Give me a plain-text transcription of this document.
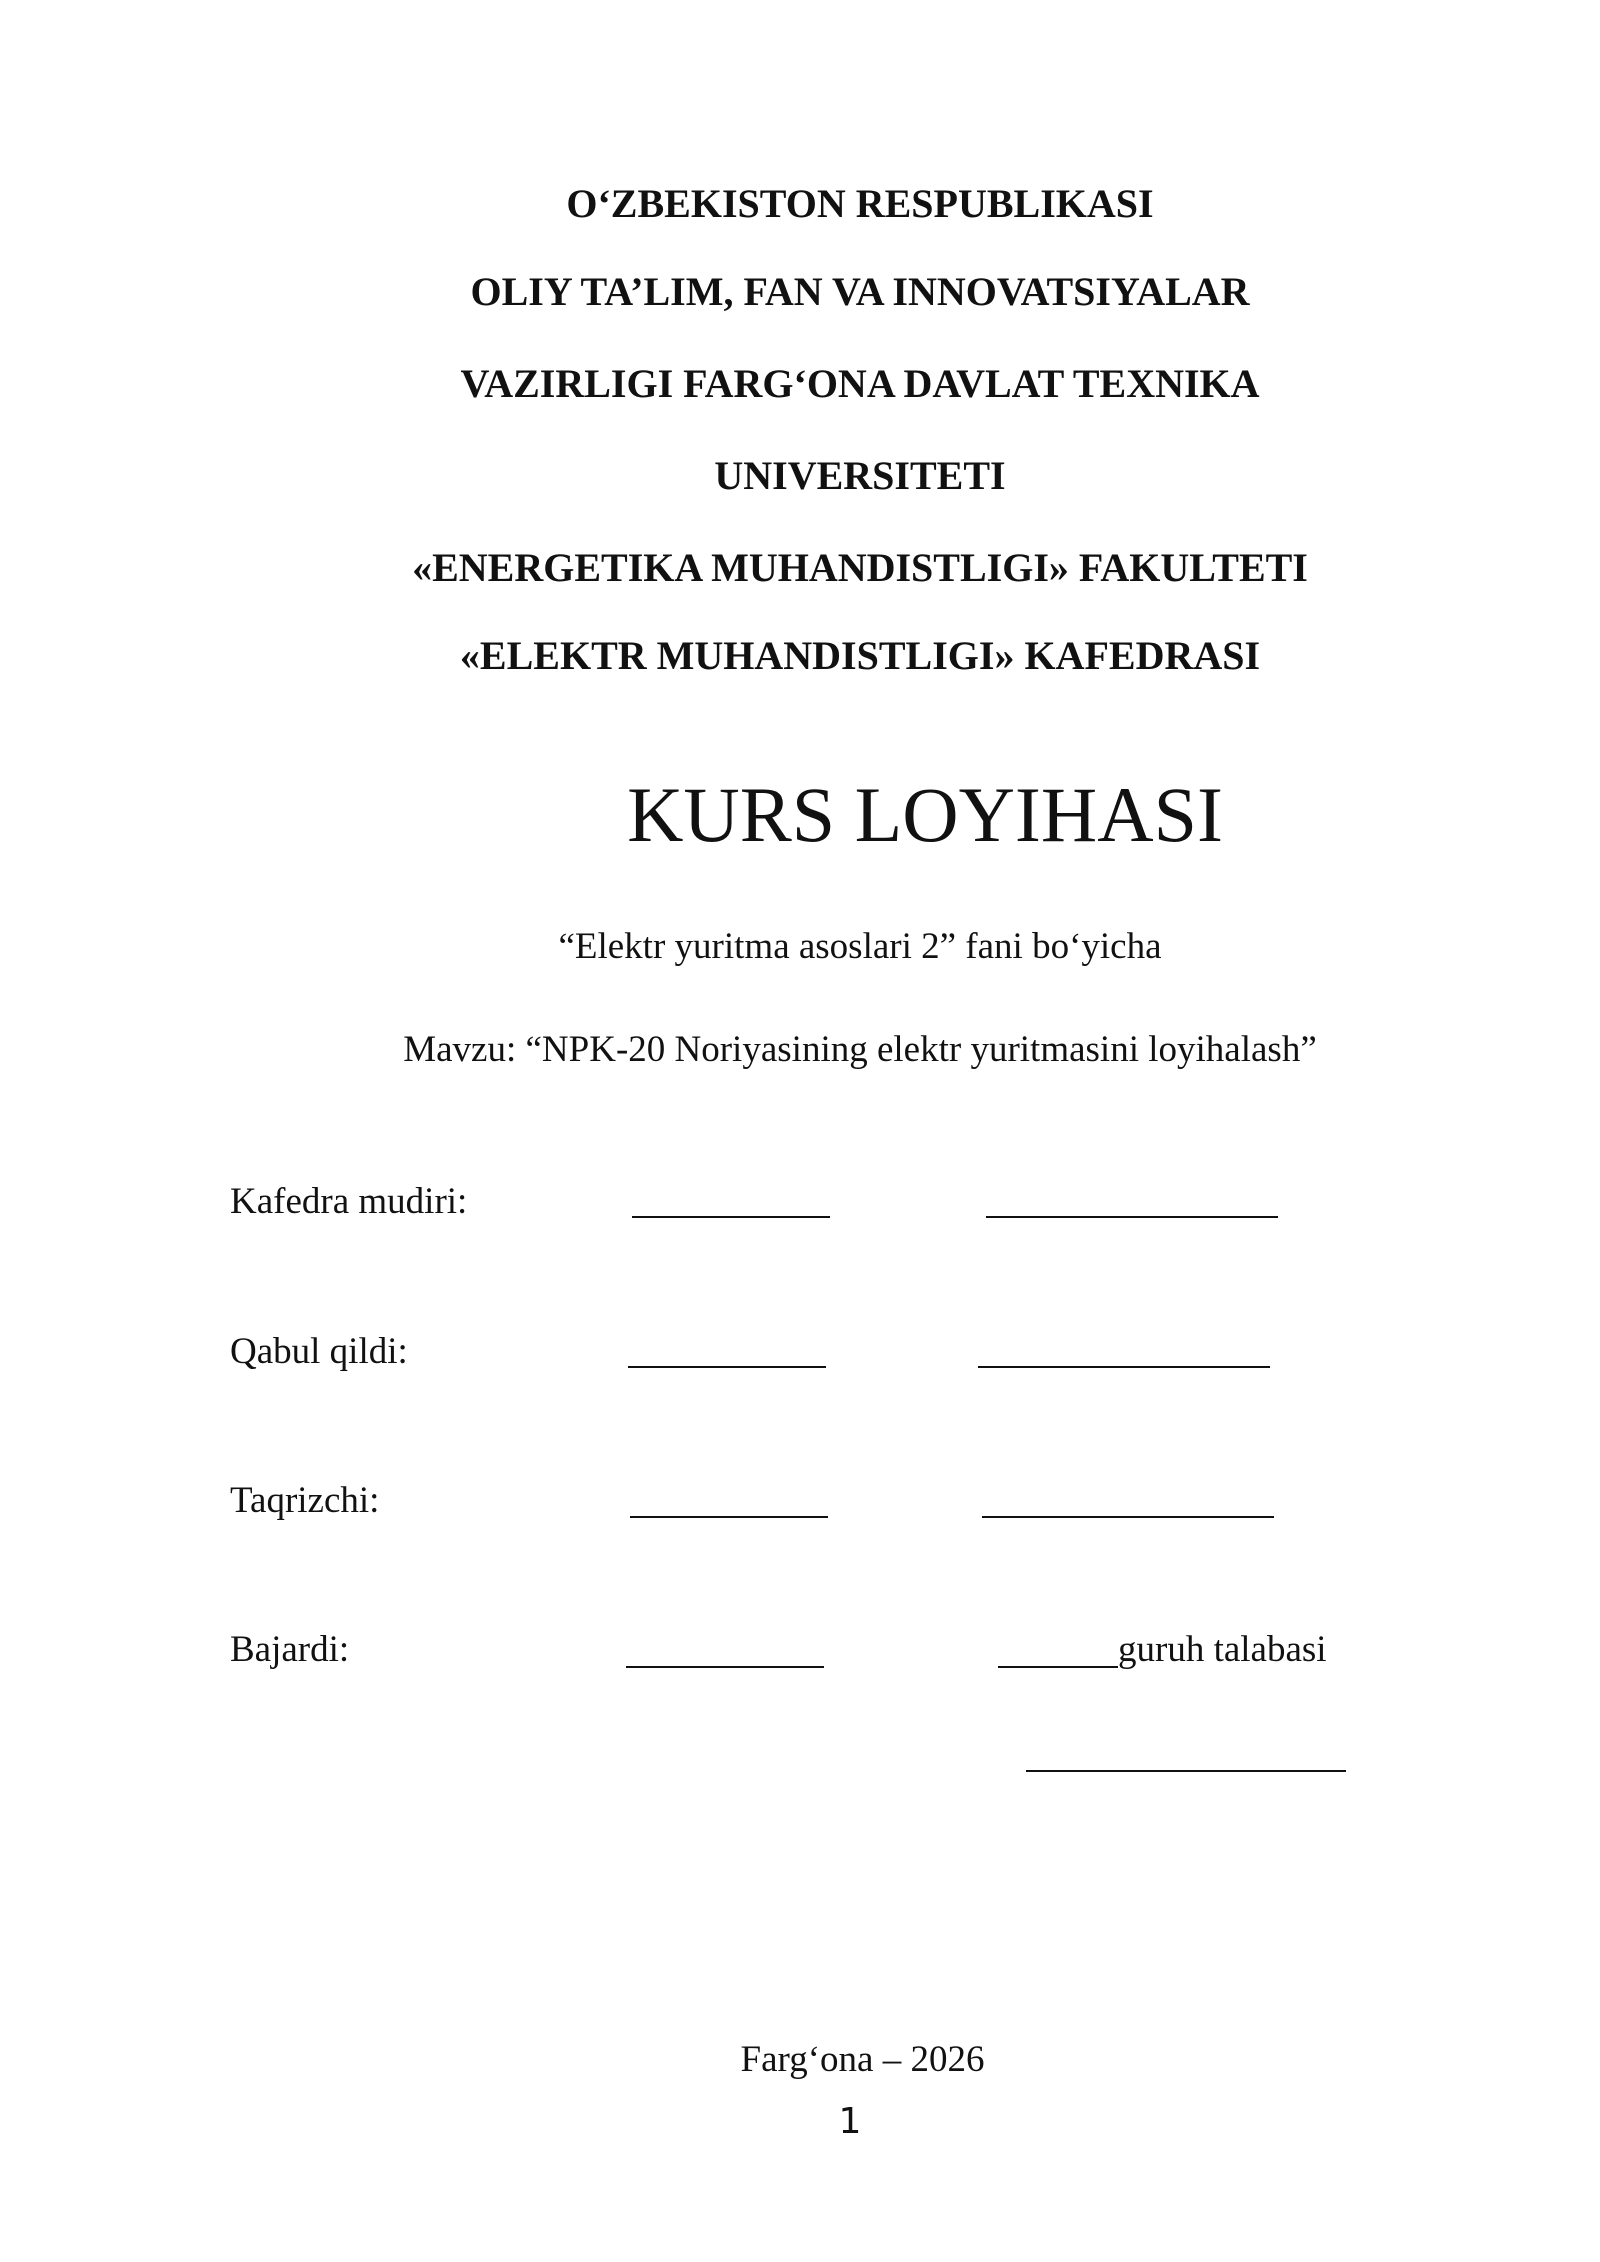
O‘ZBEKISTON RESPUBLIKASI
OLIY TA’LIM, FAN VA INNOVATSIYALAR
VAZIRLIGI FARG‘ONA DAVLAT TEXNIKA
UNIVERSITETI
«ENERGETIKA MUHANDISTLIGI» FAKULTETI
«ELEKTR MUHANDISTLIGI» KAFEDRASI
KURS LOYIHASI
“Elektr yuritma asoslari 2” fani bo‘yicha
Mavzu: “NPK-20 Noriyasining elektr yuritmasini loyihalash”
Kafedra mudiri:
Qabul qildi:
Taqrizchi:
Bajardi:	guruh talabasi
Farg‘ona – 2026
1
